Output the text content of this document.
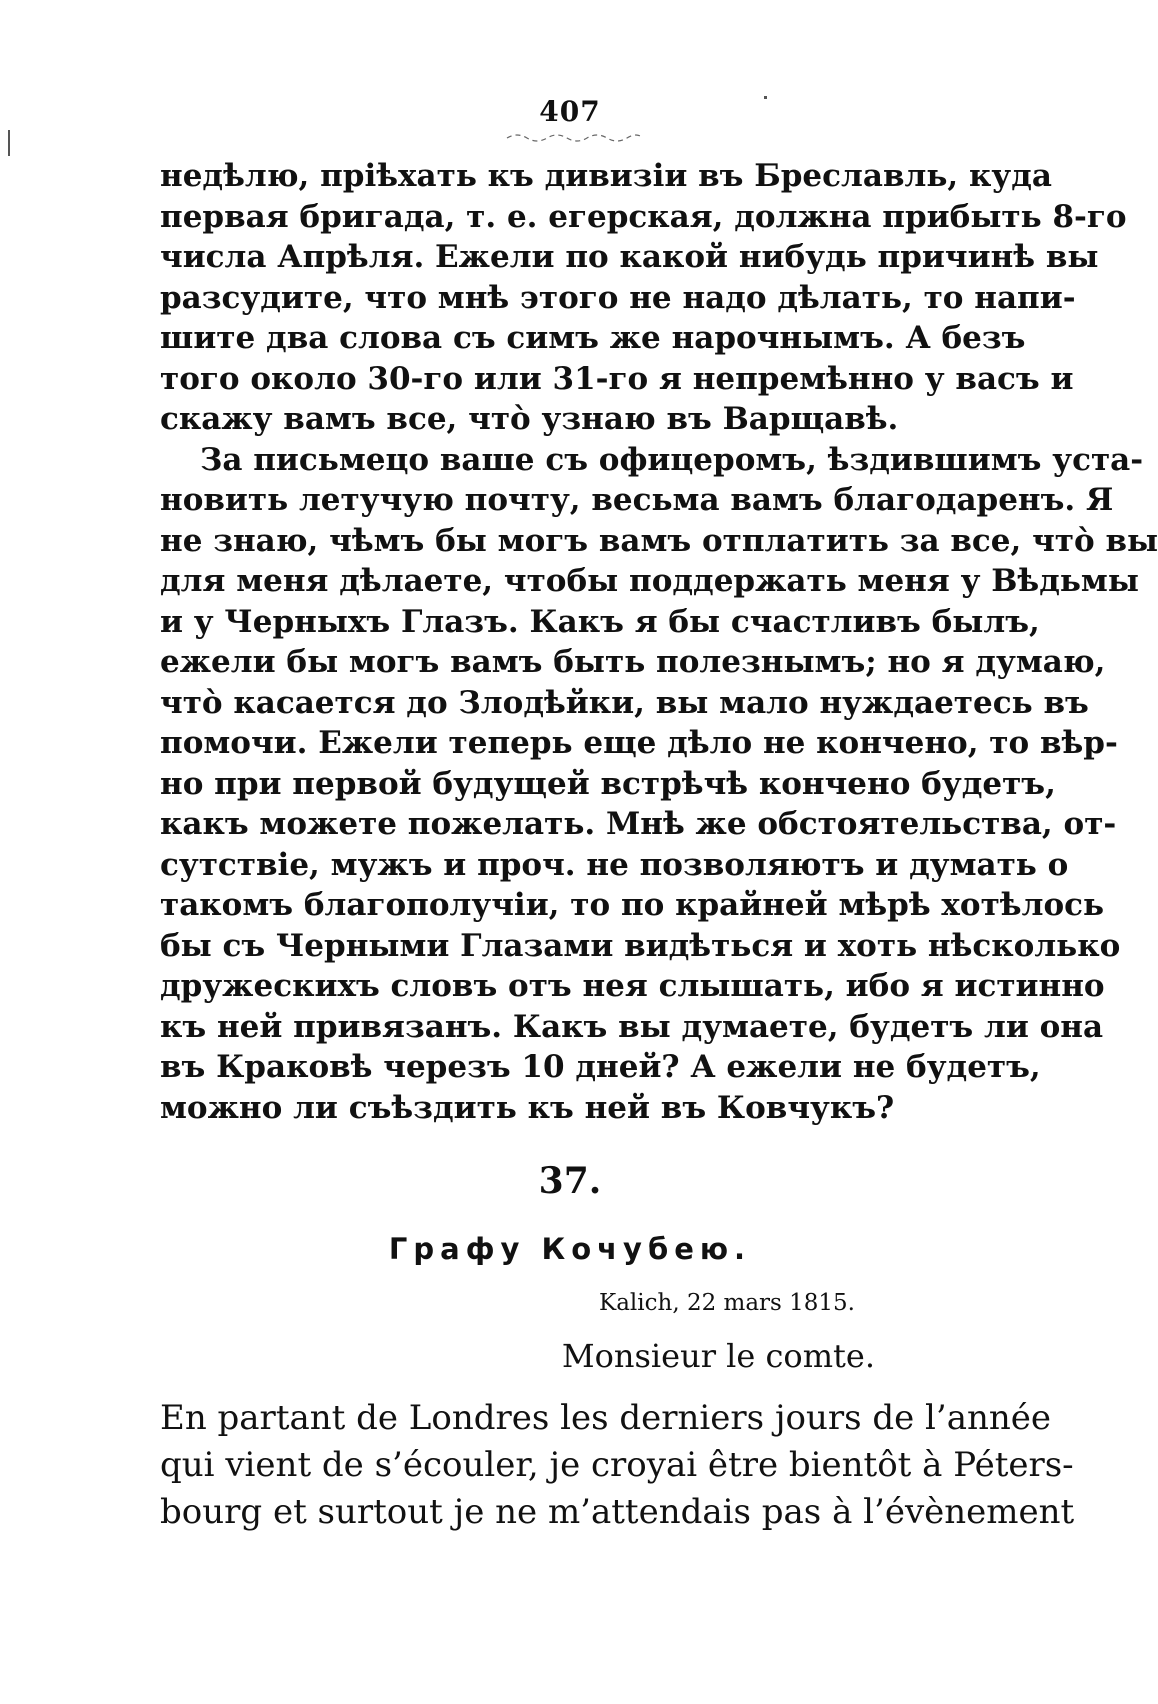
407
недѣлю, пріѣхать къ дивизіи въ Бреславль, куда
первая бригада, т. е. егерская, должна прибыть 8-го
числа Апрѣля. Ежели по какой нибудь причинѣ вы
разсудите, что мнѣ этого не надо дѣлать, то напи-
шите два слова съ симъ же нарочнымъ. А безъ
того около 30-го или 31-го я непремѣнно у васъ и
скажу вамъ все, что̀ узнаю въ Варщавѣ.
За письмецо ваше съ офицеромъ, ѣздившимъ уста-
новить летучую почту, весьма вамъ благодаренъ. Я
не знаю, чѣмъ бы могъ вамъ отплатить за все, что̀ вы
для меня дѣлаете, чтобы поддержать меня у Вѣдьмы
и у Черныхъ Глазъ. Какъ я бы счастливъ былъ,
ежели бы могъ вамъ быть полезнымъ; но я думаю,
что̀ касается до Злодѣйки, вы мало нуждаетесь въ
помочи. Ежели теперь еще дѣло не кончено, то вѣр-
но при первой будущей встрѣчѣ кончено будетъ,
какъ можете пожелать. Мнѣ же обстоятельства, от-
сутствіе, мужъ и проч. не позволяютъ и думать о
такомъ благополучіи, то по крайней мѣрѣ хотѣлось
бы съ Черными Глазами видѣться и хоть нѣсколько
дружескихъ словъ отъ нея слышать, ибо я истинно
къ ней привязанъ. Какъ вы думаете, будетъ ли она
въ Краковѣ черезъ 10 дней? А ежели не будетъ,
можно ли съѣздить къ ней въ Ковчукъ?
37.
Графу Кочубею.
Kalich, 22 mars 1815.
Monsieur le comte.
En partant de Londres les derniers jours de l’année
qui vient de s’écouler, je croyai être bientôt à Péters-
bourg et surtout je ne m’attendais pas à l’évènement
